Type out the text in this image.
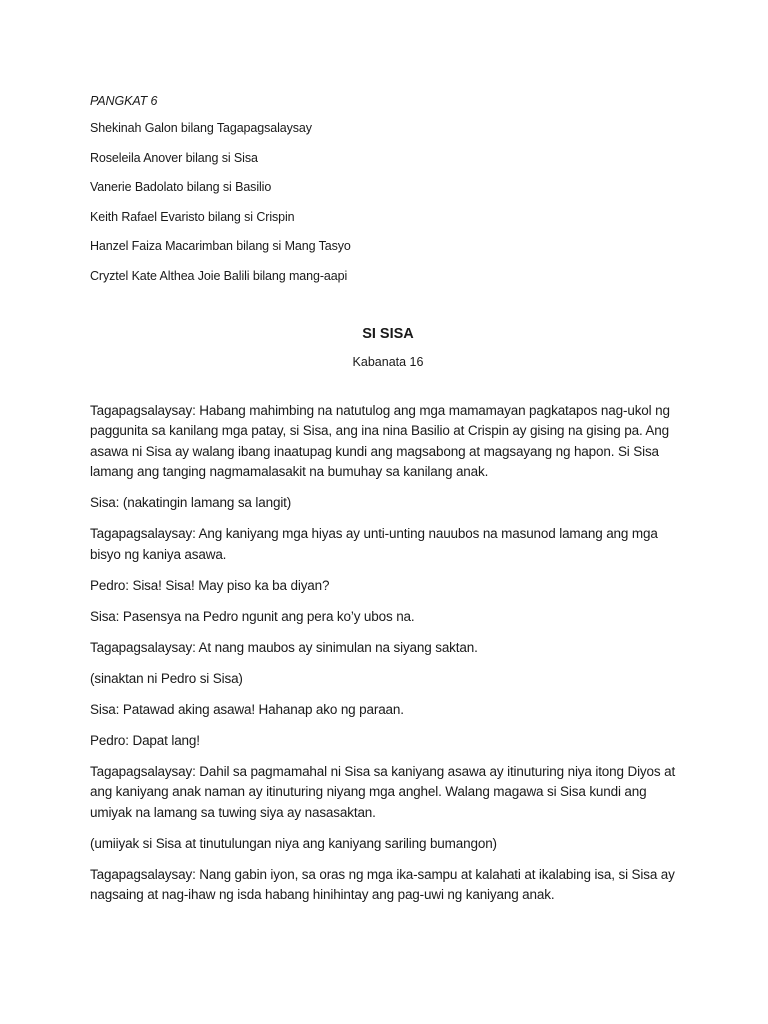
PANGKAT 6

Shekinah Galon bilang Tagapagsalaysay

Roseleila Anover bilang si Sisa

Vanerie Badolato bilang si Basilio

Keith Rafael Evaristo bilang si Crispin

Hanzel Faiza Macarimban bilang si Mang Tasyo

Cryztel Kate Althea Joie Balili bilang mang-aapi

SI SISA

Kabanata 16

Tagapagsalaysay: Habang mahimbing na natutulog ang mga mamamayan pagkatapos nag-ukol ng paggunita sa kanilang mga patay, si Sisa, ang ina nina Basilio at Crispin ay gising na gising pa. Ang asawa ni Sisa ay walang ibang inaatupag kundi ang magsabong at magsayang ng hapon. Si Sisa lamang ang tanging nagmamalasakit na bumuhay sa kanilang anak.

Sisa: (nakatingin lamang sa langit)

Tagapagsalaysay: Ang kaniyang mga hiyas ay unti-unting nauubos na masunod lamang ang mga bisyo ng kaniya asawa.

Pedro: Sisa! Sisa! May piso ka ba diyan?

Sisa: Pasensya na Pedro ngunit ang pera ko’y ubos na.

Tagapagsalaysay: At nang maubos ay sinimulan na siyang saktan.

(sinaktan ni Pedro si Sisa)

Sisa: Patawad aking asawa! Hahanap ako ng paraan.

Pedro: Dapat lang!

Tagapagsalaysay: Dahil sa pagmamahal ni Sisa sa kaniyang asawa ay itinuturing niya itong Diyos at ang kaniyang anak naman ay itinuturing niyang mga anghel. Walang magawa si Sisa kundi ang umiyak na lamang sa tuwing siya ay nasasaktan.

(umiiyak si Sisa at tinutulungan niya ang kaniyang sariling bumangon)

Tagapagsalaysay: Nang gabin iyon, sa oras ng mga ika-sampu at kalahati at ikalabing isa, si Sisa ay nagsaing at nag-ihaw ng isda habang hinihintay ang pag-uwi ng kaniyang anak.
